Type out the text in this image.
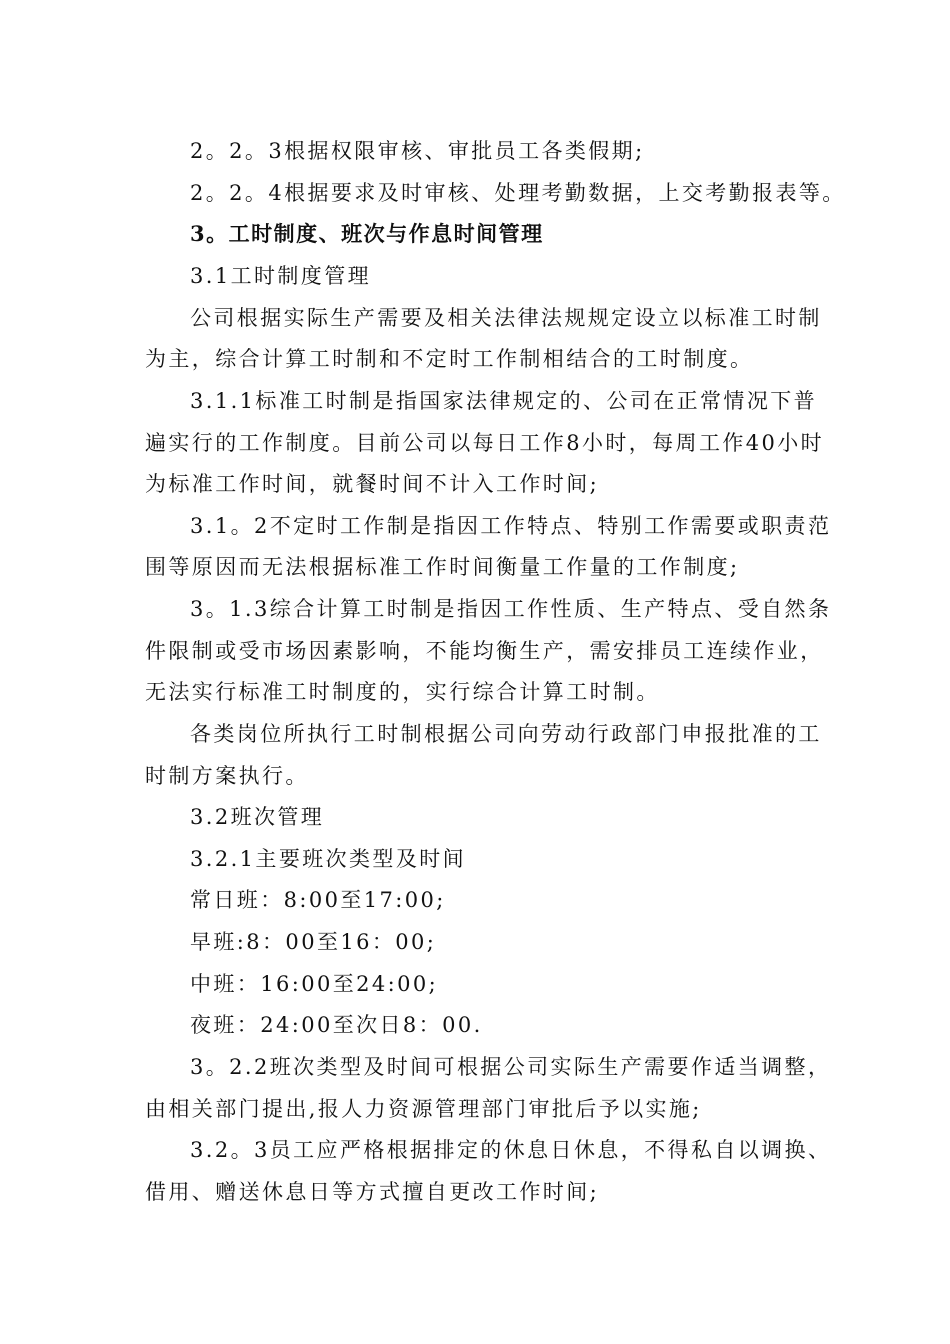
2。2。3根据权限审核、审批员工各类假期;
2。2。4根据要求及时审核、处理考勤数据，上交考勤报表等。
3。工时制度、班次与作息时间管理
3.1工时制度管理
公司根据实际生产需要及相关法律法规规定设立以标准工时制
为主，综合计算工时制和不定时工作制相结合的工时制度。
3.1.1标准工时制是指国家法律规定的、公司在正常情况下普
遍实行的工作制度。目前公司以每日工作8小时，每周工作40小时
为标准工作时间，就餐时间不计入工作时间;
3.1。2不定时工作制是指因工作特点、特别工作需要或职责范
围等原因而无法根据标准工作时间衡量工作量的工作制度;
3。1.3综合计算工时制是指因工作性质、生产特点、受自然条
件限制或受市场因素影响，不能均衡生产，需安排员工连续作业，
无法实行标准工时制度的，实行综合计算工时制。
各类岗位所执行工时制根据公司向劳动行政部门申报批准的工
时制方案执行。
3.2班次管理
3.2.1主要班次类型及时间
常日班：8:00至17:00;
早班:8：00至16：00;
中班：16:00至24:00;
夜班：24:00至次日8：00.
3。2.2班次类型及时间可根据公司实际生产需要作适当调整，
由相关部门提出,报人力资源管理部门审批后予以实施;
3.2。3员工应严格根据排定的休息日休息，不得私自以调换、
借用、赠送休息日等方式擅自更改工作时间;
